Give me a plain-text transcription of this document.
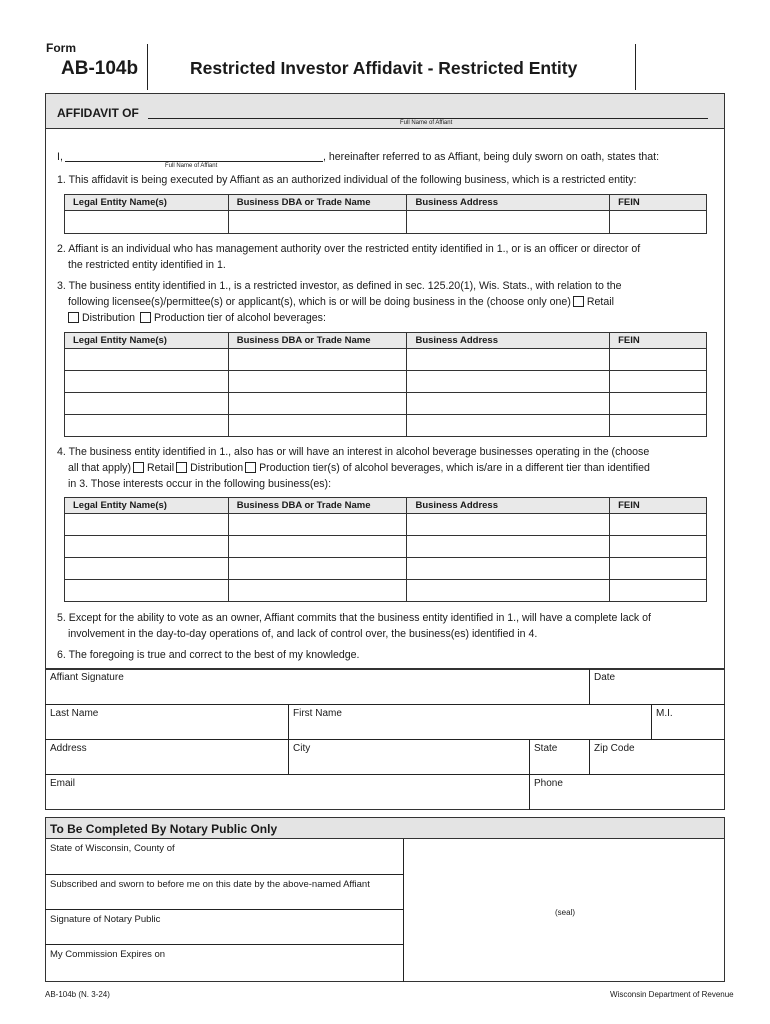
Form
AB-104b	Restricted Investor Affidavit - Restricted Entity
AFFIDAVIT OF
Full Name of Affiant
I,
Full Name of Affiant
, hereinafter referred to as Affiant, being duly sworn on oath, states that:
1. This affidavit is being executed by Affiant as an authorized individual of the following business, which is a restricted entity:
Legal Entity Name(s)	Business DBA or Trade Name	Business Address	FEIN

2. Affiant is an individual who has management authority over the restricted entity identified in 1., or is an officer or director of
the restricted entity identified in 1.
3. The business entity identified in 1., is a restricted investor, as defined in sec. 125.20(1), Wis. Stats., with relation to the
following licensee(s)/permittee(s) or applicant(s), which is or will be doing business in the (choose only one) Retail
Distribution Production tier of alcohol beverages:
Legal Entity Name(s)	Business DBA or Trade Name	Business Address	FEIN

4. The business entity identified in 1., also has or will have an interest in alcohol beverage businesses operating in the (choose
all that apply) Retail Distribution Production tier(s) of alcohol beverages, which is/are in a different tier than identified
in 3. Those interests occur in the following business(es):
Legal Entity Name(s)	Business DBA or Trade Name	Business Address	FEIN

5. Except for the ability to vote as an owner, Affiant commits that the business entity identified in 1., will have a complete lack of
involvement in the day-to-day operations of, and lack of control over, the business(es) identified in 4.
6. The foregoing is true and correct to the best of my knowledge.
Affiant Signature	Date
Last Name	First Name	M.I.
Address	City	State	Zip Code
Email	Phone
To Be Completed By Notary Public Only
State of Wisconsin, County of
Subscribed and sworn to before me on this date by the above-named Affiant
Signature of Notary Public
My Commission Expires on
(seal)
AB-104b (N. 3-24)	Wisconsin Department of Revenue
